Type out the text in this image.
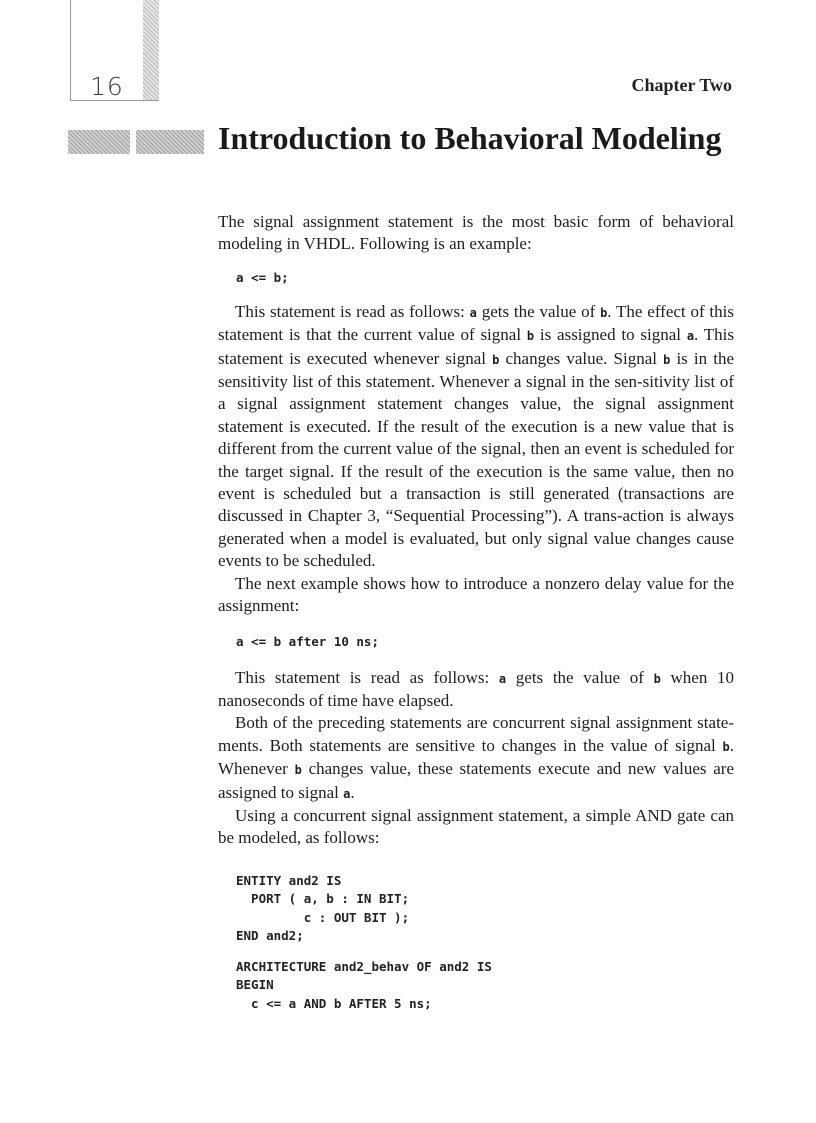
16	Chapter Two
Introduction to Behavioral Modeling

The signal assignment statement is the most basic form of behavioral modeling in VHDL. Following is an example:

a <= b;

This statement is read as follows: a gets the value of b. The effect of this statement is that the current value of signal b is assigned to signal a. This statement is executed whenever signal b changes value. Signal b is in the sensitivity list of this statement. Whenever a signal in the sen-sitivity list of a signal assignment statement changes value, the signal assignment statement is executed. If the result of the execution is a new value that is different from the current value of the signal, then an event is scheduled for the target signal. If the result of the execution is the same value, then no event is scheduled but a transaction is still generated (transactions are discussed in Chapter 3, “Sequential Processing”). A trans-action is always generated when a model is evaluated, but only signal value changes cause events to be scheduled.

The next example shows how to introduce a nonzero delay value for the assignment:

a <= b after 10 ns;

This statement is read as follows: a gets the value of b when 10 nanoseconds of time have elapsed.

Both of the preceding statements are concurrent signal assignment state-ments. Both statements are sensitive to changes in the value of signal b. Whenever b changes value, these statements execute and new values are assigned to signal a.

Using a concurrent signal assignment statement, a simple AND gate can be modeled, as follows:

ENTITY and2 IS
PORT ( a, b : IN BIT;
c : OUT BIT );
END and2;
ARCHITECTURE and2_behav OF and2 IS
BEGIN
c <= a AND b AFTER 5 ns;
